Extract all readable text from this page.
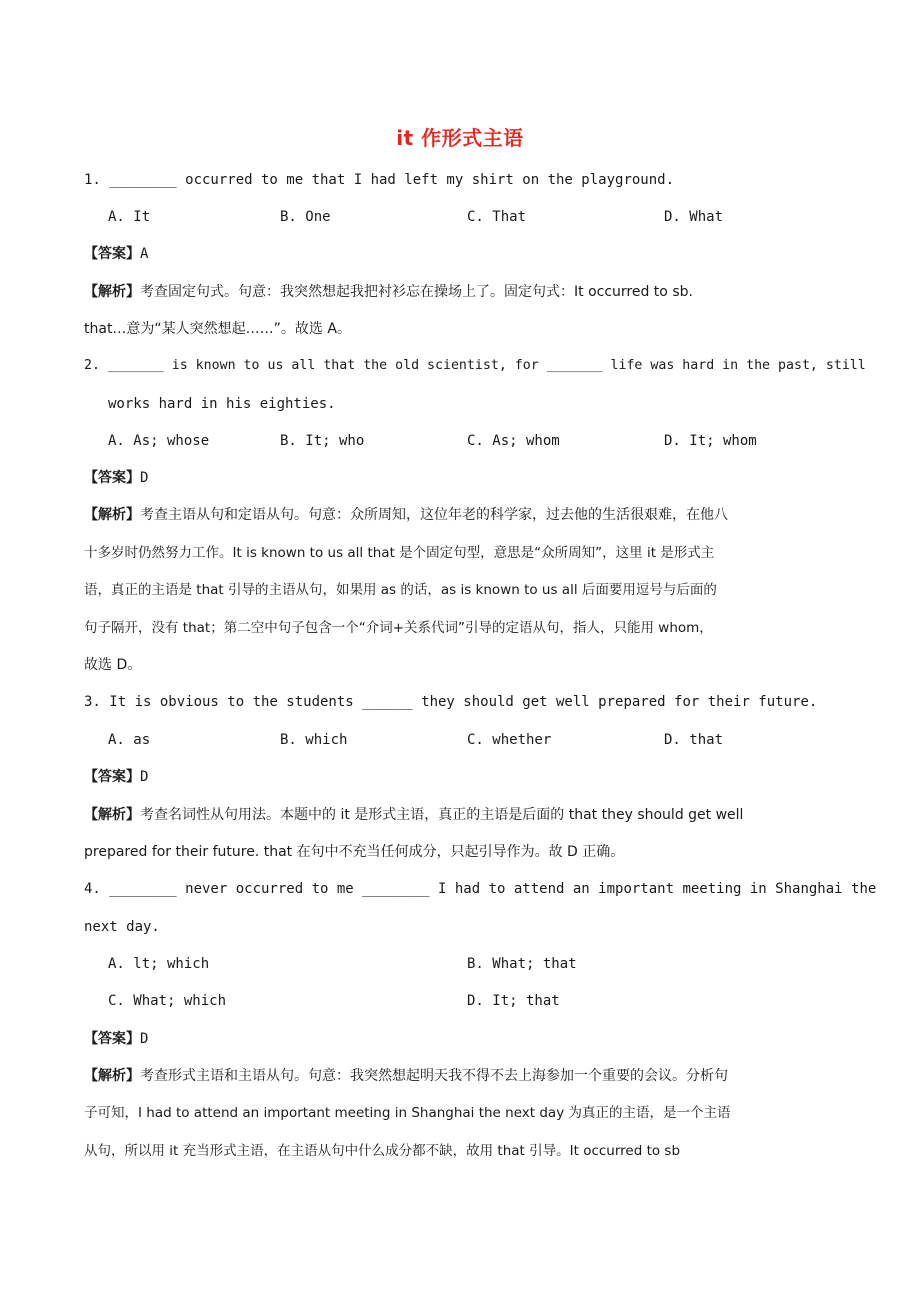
it 作形式主语
1. ________ occurred to me that I had left my shirt on the playground.
A. It	B. One	C. That	D. What
【答案】A
【解析】考查固定句式。句意：我突然想起我把衬衫忘在操场上了。固定句式：It occurred to sb.
that…意为“某人突然想起……”。故选 A。
2. _______ is known to us all that the old scientist, for _______ life was hard in the past, still
works hard in his eighties.
A. As; whose	B. It; who	C. As; whom	D. It; whom
【答案】D
【解析】考查主语从句和定语从句。句意：众所周知，这位年老的科学家，过去他的生活很艰难，在他八
十多岁时仍然努力工作。It is known to us all that 是个固定句型，意思是“众所周知”，这里 it 是形式主
语，真正的主语是 that 引导的主语从句，如果用 as 的话，as is known to us all 后面要用逗号与后面的
句子隔开，没有 that；第二空中句子包含一个“介词+关系代词”引导的定语从句，指人，只能用 whom，
故选 D。
3. It is obvious to the students ______ they should get well prepared for their future.
A. as	B. which	C. whether	D. that
【答案】D
【解析】考查名词性从句用法。本题中的 it 是形式主语，真正的主语是后面的 that they should get well
prepared for their future. that 在句中不充当任何成分，只起引导作为。故 D 正确。
4. ________ never occurred to me ________ I had to attend an important meeting in Shanghai the
next day.
A. lt; which	B. What; that
C. What; which	D. It; that
【答案】D
【解析】考查形式主语和主语从句。句意：我突然想起明天我不得不去上海参加一个重要的会议。分析句
子可知，I had to attend an important meeting in Shanghai the next day 为真正的主语，是一个主语
从句，所以用 it 充当形式主语，在主语从句中什么成分都不缺，故用 that 引导。It occurred to sb
